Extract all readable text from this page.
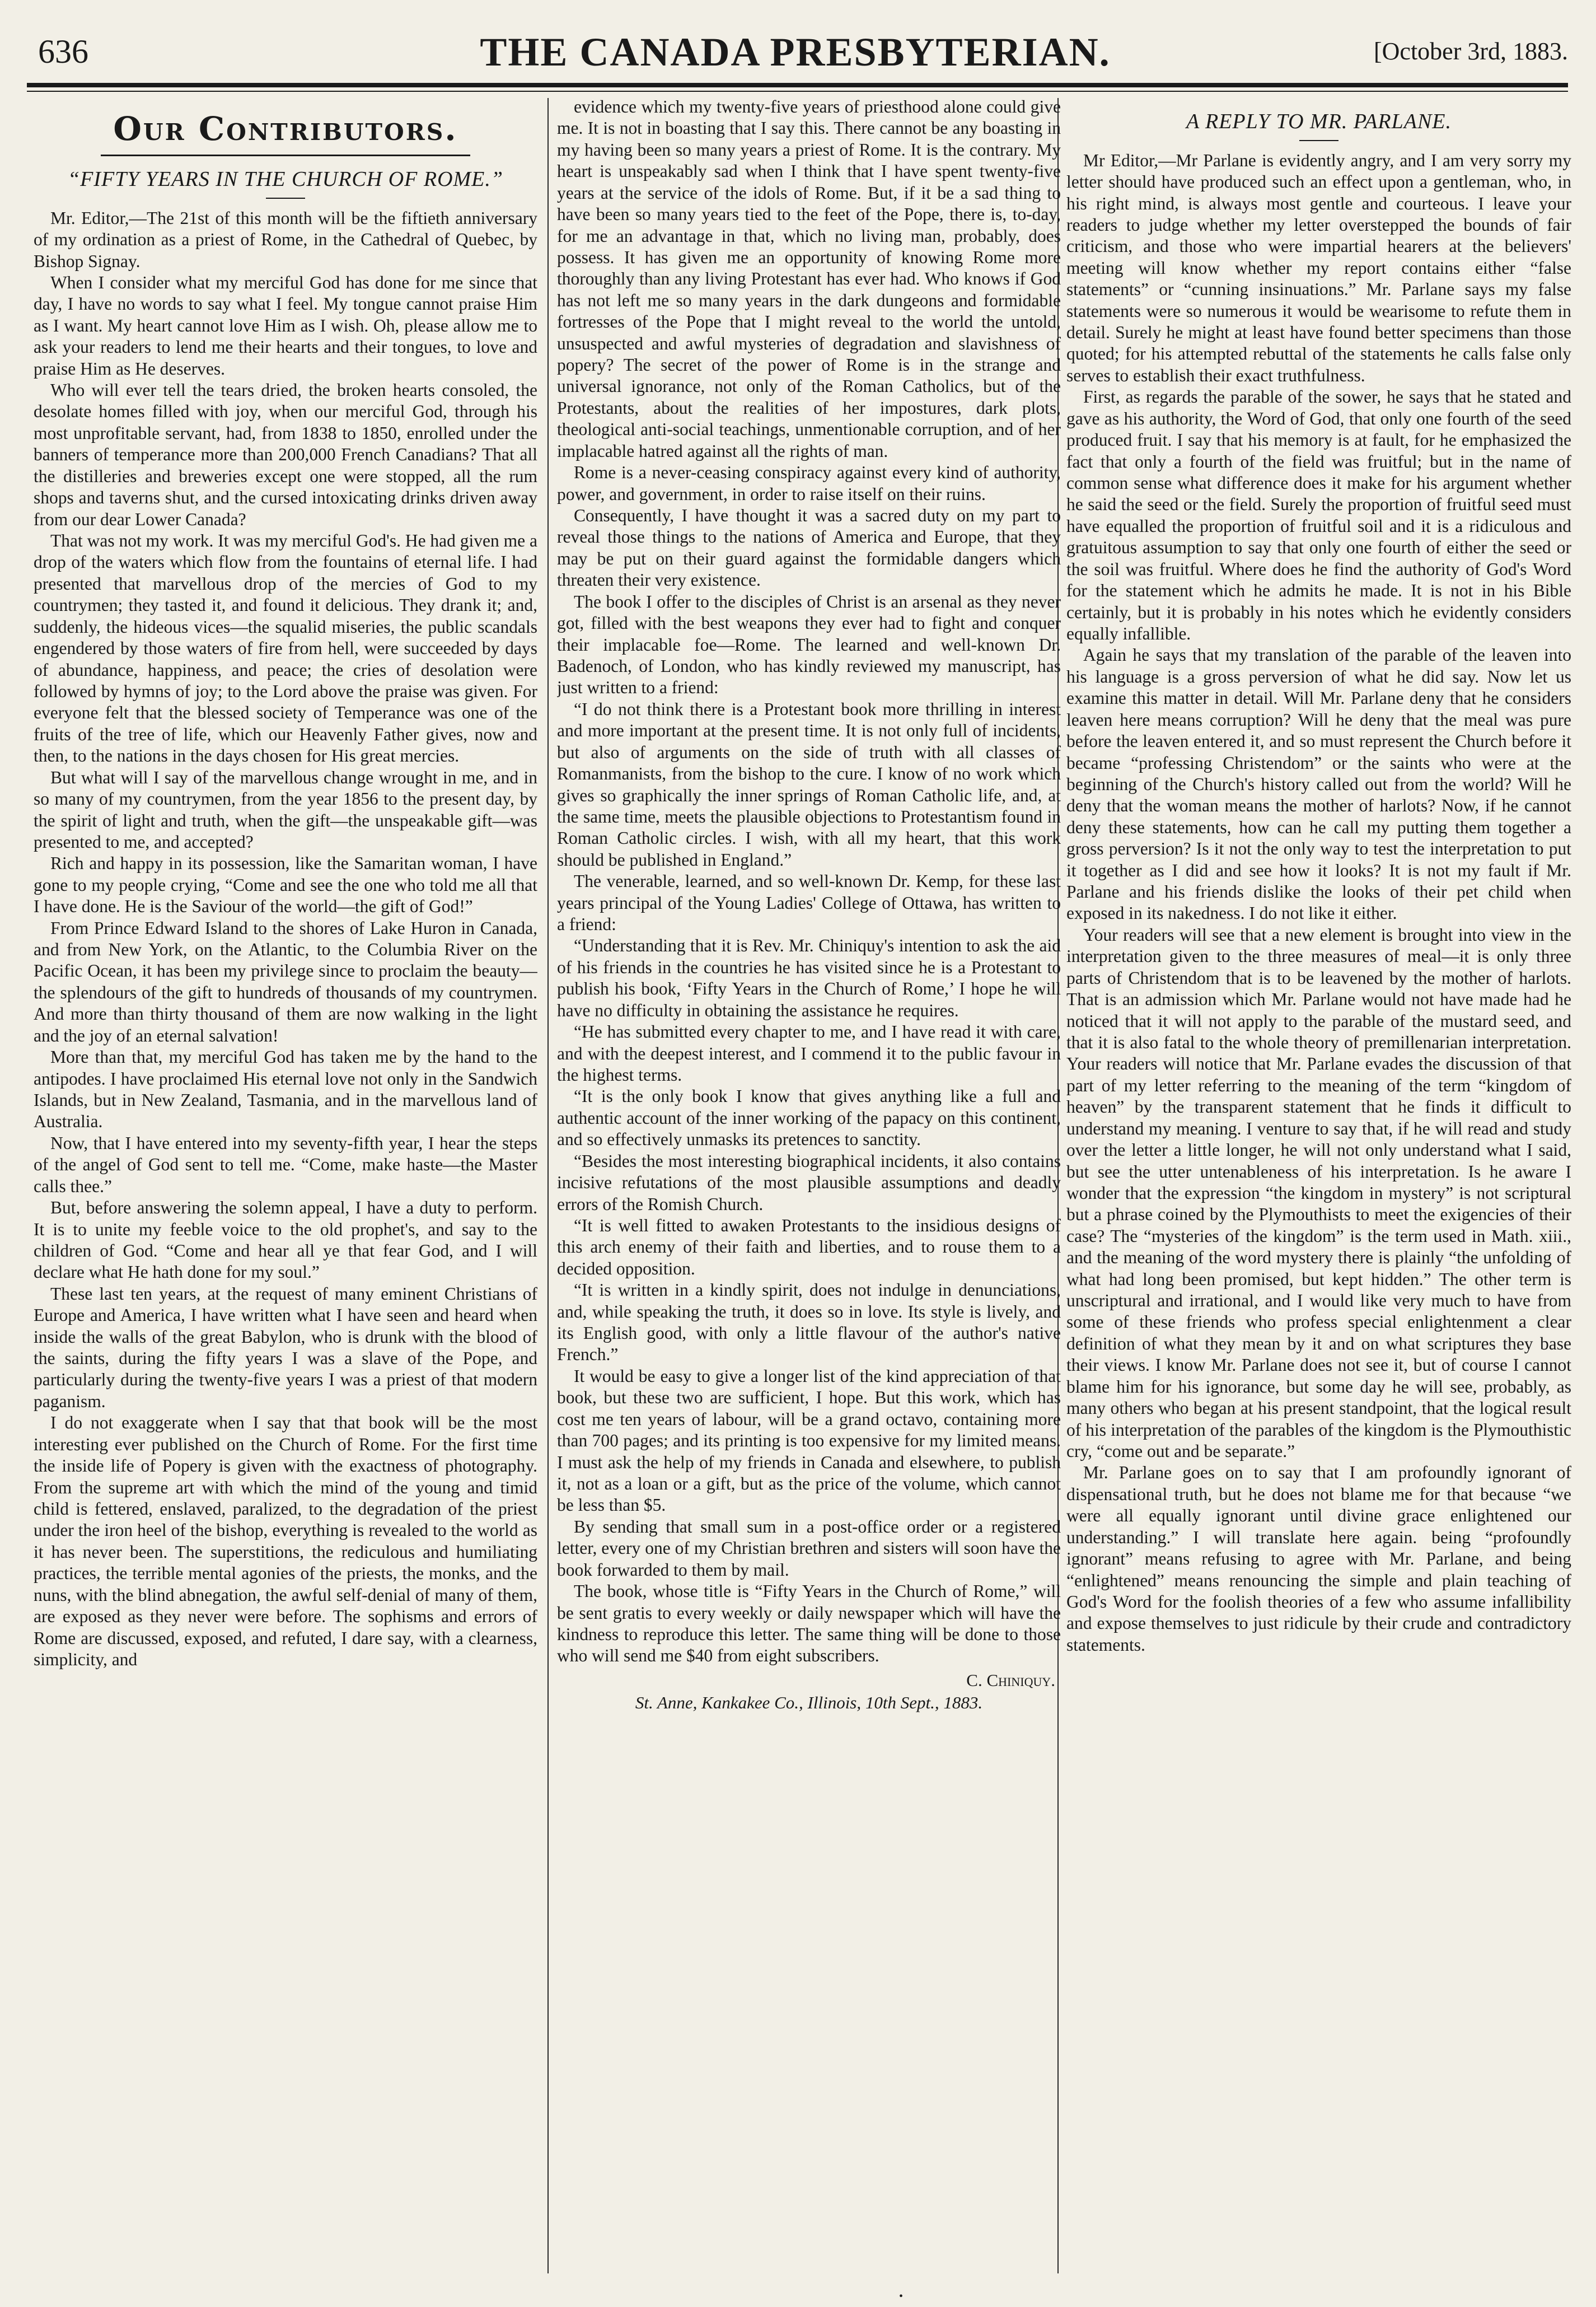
636	THE CANADA PRESBYTERIAN.	[October 3rd, 1883.
Our Contributors.
“FIFTY YEARS IN THE CHURCH OF ROME.”

Mr. Editor,—The 21st of this month will be the fiftieth anniversary of my ordination as a priest of Rome, in the Cathedral of Quebec, by Bishop Signay.

When I consider what my merciful God has done for me since that day, I have no words to say what I feel. My tongue cannot praise Him as I want. My heart cannot love Him as I wish. Oh, please allow me to ask your readers to lend me their hearts and their tongues, to love and praise Him as He deserves.

Who will ever tell the tears dried, the broken hearts consoled, the desolate homes filled with joy, when our merciful God, through his most unprofitable servant, had, from 1838 to 1850, enrolled under the banners of temperance more than 200,000 French Canadians? That all the distilleries and breweries except one were stopped, all the rum shops and taverns shut, and the cursed intoxicating drinks driven away from our dear Lower Canada?

That was not my work. It was my merciful God's. He had given me a drop of the waters which flow from the fountains of eternal life. I had presented that marvellous drop of the mercies of God to my countrymen; they tasted it, and found it delicious. They drank it; and, suddenly, the hideous vices—the squalid miseries, the public scandals engendered by those waters of fire from hell, were succeeded by days of abundance, happiness, and peace; the cries of desolation were followed by hymns of joy; to the Lord above the praise was given. For everyone felt that the blessed society of Temperance was one of the fruits of the tree of life, which our Heavenly Father gives, now and then, to the nations in the days chosen for His great mercies.

But what will I say of the marvellous change wrought in me, and in so many of my countrymen, from the year 1856 to the present day, by the spirit of light and truth, when the gift—the unspeakable gift—was presented to me, and accepted?

Rich and happy in its possession, like the Samaritan woman, I have gone to my people crying, “Come and see the one who told me all that I have done. He is the Saviour of the world—the gift of God!”

From Prince Edward Island to the shores of Lake Huron in Canada, and from New York, on the Atlantic, to the Columbia River on the Pacific Ocean, it has been my privilege since to proclaim the beauty—the splendours of the gift to hundreds of thousands of my countrymen. And more than thirty thousand of them are now walking in the light and the joy of an eternal salvation!

More than that, my merciful God has taken me by the hand to the antipodes. I have proclaimed His eternal love not only in the Sandwich Islands, but in New Zealand, Tasmania, and in the marvellous land of Australia.

Now, that I have entered into my seventy-fifth year, I hear the steps of the angel of God sent to tell me. “Come, make haste—the Master calls thee.”

But, before answering the solemn appeal, I have a duty to perform. It is to unite my feeble voice to the old prophet's, and say to the children of God. “Come and hear all ye that fear God, and I will declare what He hath done for my soul.”

These last ten years, at the request of many eminent Christians of Europe and America, I have written what I have seen and heard when inside the walls of the great Babylon, who is drunk with the blood of the saints, during the fifty years I was a slave of the Pope, and particularly during the twenty-five years I was a priest of that modern paganism.

I do not exaggerate when I say that that book will be the most interesting ever published on the Church of Rome. For the first time the inside life of Popery is given with the exactness of photography. From the supreme art with which the mind of the young and timid child is fettered, enslaved, paralized, to the degradation of the priest under the iron heel of the bishop, everything is revealed to the world as it has never been. The superstitions, the rediculous and humiliating practices, the terrible mental agonies of the priests, the monks, and the nuns, with the blind abnegation, the awful self-denial of many of them, are exposed as they never were before. The sophisms and errors of Rome are discussed, exposed, and refuted, I dare say, with a clearness, simplicity, and

evidence which my twenty-five years of priesthood alone could give me. It is not in boasting that I say this. There cannot be any boasting in my having been so many years a priest of Rome. It is the contrary. My heart is unspeakably sad when I think that I have spent twenty-five years at the service of the idols of Rome. But, if it be a sad thing to have been so many years tied to the feet of the Pope, there is, to-day, for me an advantage in that, which no living man, probably, does possess. It has given me an opportunity of knowing Rome more thoroughly than any living Protestant has ever had. Who knows if God has not left me so many years in the dark dungeons and formidable fortresses of the Pope that I might reveal to the world the untold, unsuspected and awful mysteries of degradation and slavishness of popery? The secret of the power of Rome is in the strange and universal ignorance, not only of the Roman Catholics, but of the Protestants, about the realities of her impostures, dark plots, theological anti-social teachings, unmentionable corruption, and of her implacable hatred against all the rights of man.

Rome is a never-ceasing conspiracy against every kind of authority, power, and government, in order to raise itself on their ruins.

Consequently, I have thought it was a sacred duty on my part to reveal those things to the nations of America and Europe, that they may be put on their guard against the formidable dangers which threaten their very existence.

The book I offer to the disciples of Christ is an arsenal as they never got, filled with the best weapons they ever had to fight and conquer their implacable foe—Rome. The learned and well-known Dr. Badenoch, of London, who has kindly reviewed my manuscript, has just written to a friend:

“I do not think there is a Protestant book more thrilling in interest and more important at the present time. It is not only full of incidents, but also of arguments on the side of truth with all classes of Romanmanists, from the bishop to the cure. I know of no work which gives so graphically the inner springs of Roman Catholic life, and, at the same time, meets the plausible objections to Protestantism found in Roman Catholic circles. I wish, with all my heart, that this work should be published in England.”

The venerable, learned, and so well-known Dr. Kemp, for these last years principal of the Young Ladies' College of Ottawa, has written to a friend:

“Understanding that it is Rev. Mr. Chiniquy's intention to ask the aid of his friends in the countries he has visited since he is a Protestant to publish his book, ‘Fifty Years in the Church of Rome,’ I hope he will have no difficulty in obtaining the assistance he requires.

“He has submitted every chapter to me, and I have read it with care, and with the deepest interest, and I commend it to the public favour in the highest terms.

“It is the only book I know that gives anything like a full and authentic account of the inner working of the papacy on this continent, and so effectively unmasks its pretences to sanctity.

“Besides the most interesting biographical incidents, it also contains incisive refutations of the most plausible assumptions and deadly errors of the Romish Church.

“It is well fitted to awaken Protestants to the insidious designs of this arch enemy of their faith and liberties, and to rouse them to a decided opposition.

“It is written in a kindly spirit, does not indulge in denunciations, and, while speaking the truth, it does so in love. Its style is lively, and its English good, with only a little flavour of the author's native French.”

It would be easy to give a longer list of the kind appreciation of that book, but these two are sufficient, I hope. But this work, which has cost me ten years of labour, will be a grand octavo, containing more than 700 pages; and its printing is too expensive for my limited means. I must ask the help of my friends in Canada and elsewhere, to publish it, not as a loan or a gift, but as the price of the volume, which cannot be less than $5.

By sending that small sum in a post-office order or a registered letter, every one of my Christian brethren and sisters will soon have the book forwarded to them by mail.

The book, whose title is “Fifty Years in the Church of Rome,” will be sent gratis to every weekly or daily newspaper which will have the kindness to reproduce this letter. The same thing will be done to those who will send me $40 from eight subscribers.

C. Chiniquy.
St. Anne, Kankakee Co., Illinois, 10th Sept., 1883.
A REPLY TO MR. PARLANE.

Mr Editor,—Mr Parlane is evidently angry, and I am very sorry my letter should have produced such an effect upon a gentleman, who, in his right mind, is always most gentle and courteous. I leave your readers to judge whether my letter overstepped the bounds of fair criticism, and those who were impartial hearers at the believers' meeting will know whether my report contains either “false statements” or “cunning insinuations.” Mr. Parlane says my false statements were so numerous it would be wearisome to refute them in detail. Surely he might at least have found better specimens than those quoted; for his attempted rebuttal of the statements he calls false only serves to establish their exact truthfulness.

First, as regards the parable of the sower, he says that he stated and gave as his authority, the Word of God, that only one fourth of the seed produced fruit. I say that his memory is at fault, for he emphasized the fact that only a fourth of the field was fruitful; but in the name of common sense what difference does it make for his argument whether he said the seed or the field. Surely the proportion of fruitful seed must have equalled the proportion of fruitful soil and it is a ridiculous and gratuitous assumption to say that only one fourth of either the seed or the soil was fruitful. Where does he find the authority of God's Word for the statement which he admits he made. It is not in his Bible certainly, but it is probably in his notes which he evidently considers equally infallible.

Again he says that my translation of the parable of the leaven into his language is a gross perversion of what he did say. Now let us examine this matter in detail. Will Mr. Parlane deny that he considers leaven here means corruption? Will he deny that the meal was pure before the leaven entered it, and so must represent the Church before it became “professing Christendom” or the saints who were at the beginning of the Church's history called out from the world? Will he deny that the woman means the mother of harlots? Now, if he cannot deny these statements, how can he call my putting them together a gross perversion? Is it not the only way to test the interpretation to put it together as I did and see how it looks? It is not my fault if Mr. Parlane and his friends dislike the looks of their pet child when exposed in its nakedness. I do not like it either.

Your readers will see that a new element is brought into view in the interpretation given to the three measures of meal—it is only three parts of Christendom that is to be leavened by the mother of harlots. That is an admission which Mr. Parlane would not have made had he noticed that it will not apply to the parable of the mustard seed, and that it is also fatal to the whole theory of premillenarian interpretation. Your readers will notice that Mr. Parlane evades the discussion of that part of my letter referring to the meaning of the term “kingdom of heaven” by the transparent statement that he finds it difficult to understand my meaning. I venture to say that, if he will read and study over the letter a little longer, he will not only understand what I said, but see the utter untenableness of his interpretation. Is he aware I wonder that the expression “the kingdom in mystery” is not scriptural but a phrase coined by the Plymouthists to meet the exigencies of their case? The “mysteries of the kingdom” is the term used in Math. xiii., and the meaning of the word mystery there is plainly “the unfolding of what had long been promised, but kept hidden.” The other term is unscriptural and irrational, and I would like very much to have from some of these friends who profess special enlightenment a clear definition of what they mean by it and on what scriptures they base their views. I know Mr. Parlane does not see it, but of course I cannot blame him for his ignorance, but some day he will see, probably, as many others who began at his present standpoint, that the logical result of his interpretation of the parables of the kingdom is the Plymouthistic cry, “come out and be separate.”

Mr. Parlane goes on to say that I am profoundly ignorant of dispensational truth, but he does not blame me for that because “we were all equally ignorant until divine grace enlightened our understanding.” I will translate here again. being “profoundly ignorant” means refusing to agree with Mr. Parlane, and being “enlightened” means renouncing the simple and plain teaching of God's Word for the foolish theories of a few who assume infallibility and expose themselves to just ridicule by their crude and contradictory statements.

•
